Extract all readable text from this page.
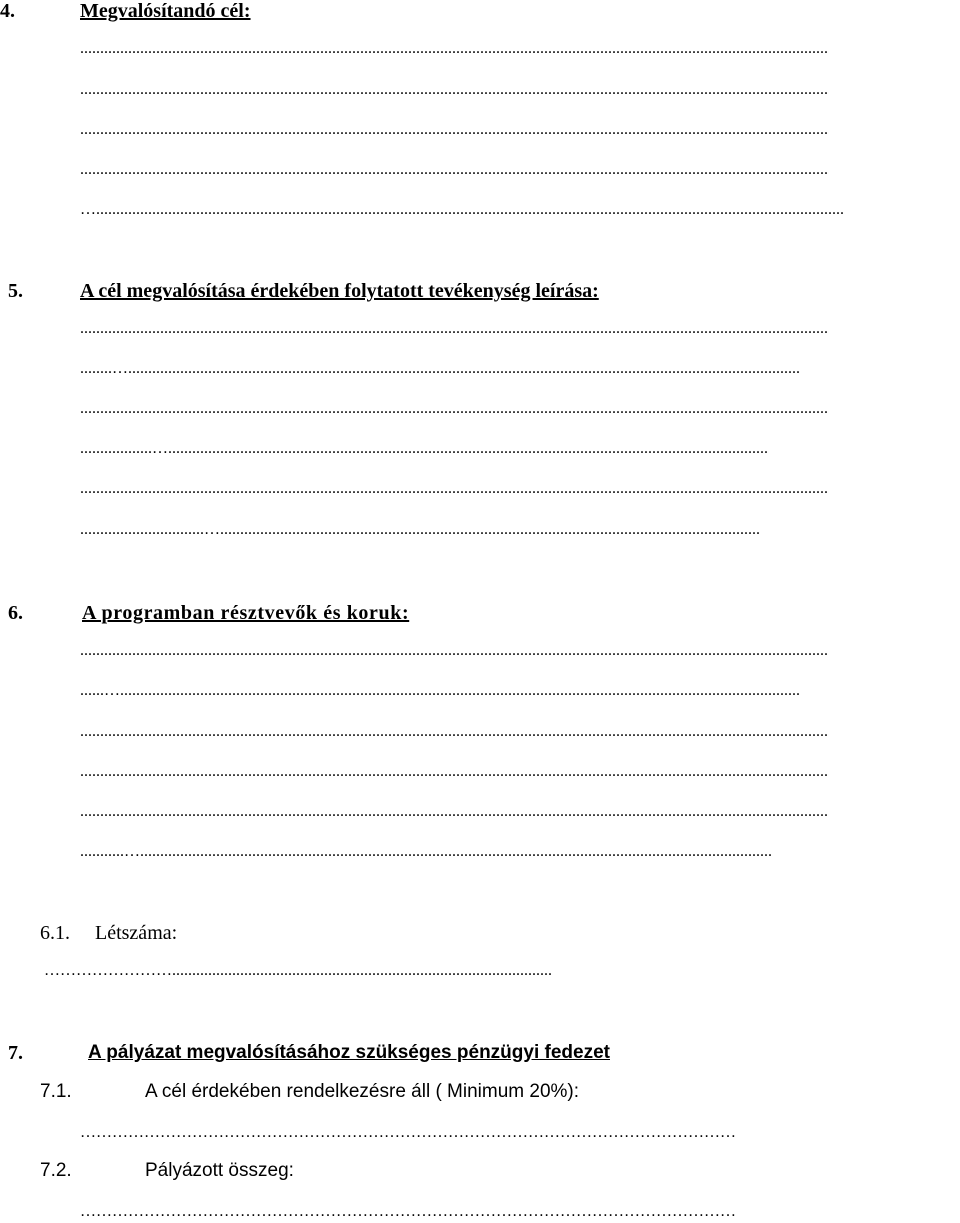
4.	Megvalósítandó cél:
...........................................................................................................................................................................................
...........................................................................................................................................................................................
...........................................................................................................................................................................................
...........................................................................................................................................................................................
…...........................................................................................................................................................................................
5.	A cél megvalósítása érdekében folytatott tevékenység leírása:
...........................................................................................................................................................................................
........…........................................................................................................................................................................
...........................................................................................................................................................................................
..................…......................................................................................................................................................
...........................................................................................................................................................................................
...............................….......................................................................................................................................
6.	A programban résztvevők és koruk:
...........................................................................................................................................................................................
......…..........................................................................................................................................................................
...........................................................................................................................................................................................
...........................................................................................................................................................................................
...........................................................................................................................................................................................
...........…..............................................................................................................................................................
6.1. Létszáma:
……………………...............................................................................................
7.	A pályázat megvalósításához szükséges pénzügyi fedezet
7.1.	A cél érdekében rendelkezésre áll ( Minimum 20%):
……………………………………………………………………………………………………………
7.2.	Pályázott összeg:
……………………………………………………………………………………………………………
